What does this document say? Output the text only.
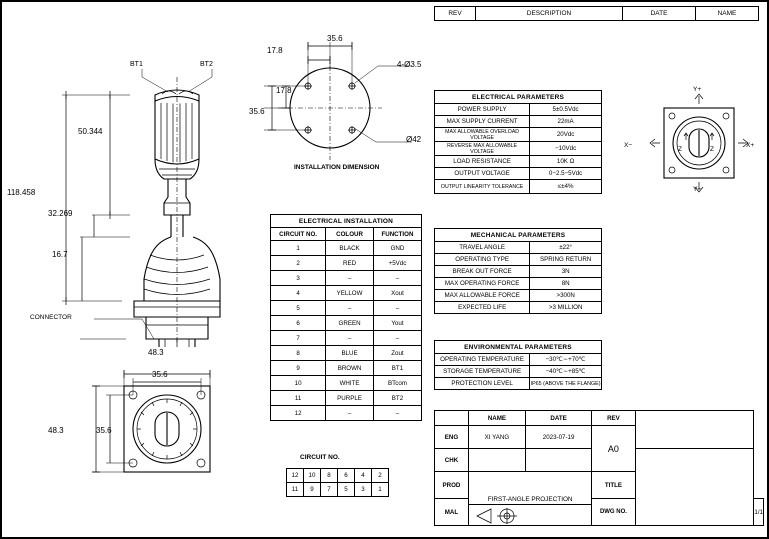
REV	DESCRIPTION	DATE	NAME
BT1	BT2
CONNECTOR
50.344
32.269
16.7
118.458
48.3
35.6
48.3	35.6
17.8
35.6
17.8
35.6
4-Ø3.5
Ø42
INSTALLATION DIMENSION
Y+
Y−
X−	X+
Z	Z
ELECTRICAL PARAMETERS	
POWER SUPPLY	5±0.5Vdc
MAX SUPPLY CURRENT	22mA
MAX ALLOWABLE OVERLOAD VOLTAGE	20Vdc
REVERSE MAX ALLOWABLE VOLTAGE	−10Vdc
LOAD RESISTANCE	10K Ω
OUTPUT VOLTAGE	0−2.5−5Vdc
OUTPUT LINEARITY TOLERANCE	≤±4%
MECHANICAL PARAMETERS	
TRAVEL ANGLE	±22°
OPERATING TYPE	SPRING RETURN
BREAK OUT FORCE	3N
MAX OPERATING FORCE	8N
MAX ALLOWABLE FORCE	>300N
EXPECTED LIFE	>3 MILLION
ENVIRONMENTAL PARAMETERS	
OPERATING TEMPERATURE	−30℃∼+70℃
STORAGE TEMPERATURE	−40℃∼+85℃
PROTECTION LEVEL	IP65 (ABOVE THE FLANGE)
ELECTRICAL INSTALLATION		
CIRCUIT NO.	COLOUR	FUNCTION
1	BLACK	GND
2	RED	+5Vdc
3	–	–
4	YELLOW	Xout
5	–	–
6	GREEN	Yout
7	–	–
8	BLUE	Zout
9	BROWN	BT1
10	WHITE	BTcom
11	PURPLE	BT2
12	–	–
CIRCUIT NO.
12	10	8	6	4	2
11	9	7	5	3	1
	NAME	DATE	REV		
ENG	XI YANG	2023-07-19	A0		
CHK					
PROD	FIRST-ANGLE PROJECTION		TITLE		
MAL			DWG NO.		1/1
